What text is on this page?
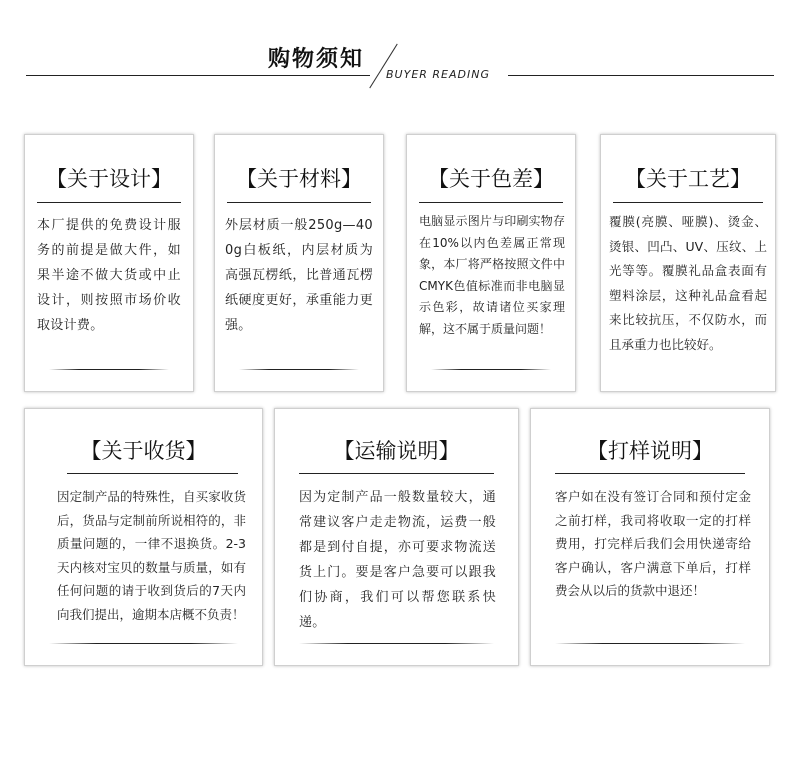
购物须知
BUYER READING
【关于设计】
本厂提供的免费设计服务的前提是做大件，如果半途不做大货或中止设计，则按照市场价收取设计费。
【关于材料】
外层材质一般250g—400g白板纸，内层材质为高强瓦楞纸，比普通瓦楞纸硬度更好，承重能力更强。
【关于色差】
电脑显示图片与印刷实物存在10%以内色差属正常现象，本厂将严格按照文件中CMYK色值标准而非电脑显示色彩，故请诸位买家理解，这不属于质量问题！
【关于工艺】
覆膜(亮膜、哑膜)、烫金、烫银、凹凸、UV、压纹、上光等等。覆膜礼品盒表面有塑料涂层，这种礼品盒看起来比较抗压，不仅防水，而且承重力也比较好。
【关于收货】
因定制产品的特殊性，自买家收货后，货品与定制前所说相符的，非质量问题的，一律不退换货。2-3天内核对宝贝的数量与质量，如有任何问题的请于收到货后的7天内向我们提出，逾期本店概不负责！
【运输说明】
因为定制产品一般数量较大，通常建议客户走走物流，运费一般都是到付自提，亦可要求物流送货上门。要是客户急要可以跟我们协商，我们可以帮您联系快递。
【打样说明】
客户如在没有签订合同和预付定金之前打样，我司将收取一定的打样费用，打完样后我们会用快递寄给客户确认，客户满意下单后，打样费会从以后的货款中退还！
